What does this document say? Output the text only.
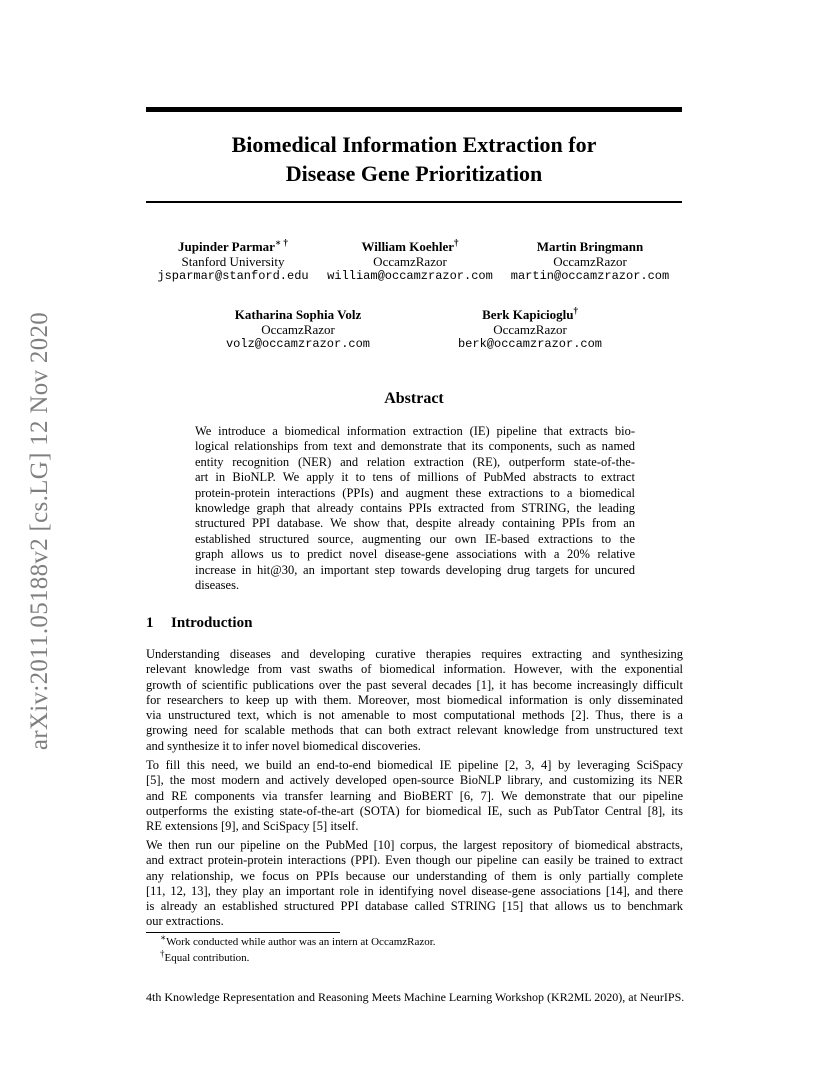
arXiv:2011.05188v2 [cs.LG] 12 Nov 2020
Biomedical Information Extraction for
Disease Gene Prioritization
Jupinder Parmar∗ †
Stanford University
jsparmar@stanford.edu
William Koehler†
OccamzRazor
william@occamzrazor.com
Martin Bringmann
OccamzRazor
martin@occamzrazor.com
Katharina Sophia Volz
OccamzRazor
volz@occamzrazor.com
Berk Kapicioglu†
OccamzRazor
berk@occamzrazor.com
Abstract
We introduce a biomedical information extraction (IE) pipeline that extracts bio-
logical relationships from text and demonstrate that its components, such as named
entity recognition (NER) and relation extraction (RE), outperform state-of-the-
art in BioNLP. We apply it to tens of millions of PubMed abstracts to extract
protein-protein interactions (PPIs) and augment these extractions to a biomedical
knowledge graph that already contains PPIs extracted from STRING, the leading
structured PPI database. We show that, despite already containing PPIs from an
established structured source, augmenting our own IE-based extractions to the
graph allows us to predict novel disease-gene associations with a 20% relative
increase in hit@30, an important step towards developing drug targets for uncured
diseases.
1 Introduction
Understanding diseases and developing curative therapies requires extracting and synthesizing
relevant knowledge from vast swaths of biomedical information. However, with the exponential
growth of scientific publications over the past several decades [1], it has become increasingly difficult
for researchers to keep up with them. Moreover, most biomedical information is only disseminated
via unstructured text, which is not amenable to most computational methods [2]. Thus, there is a
growing need for scalable methods that can both extract relevant knowledge from unstructured text
and synthesize it to infer novel biomedical discoveries.
To fill this need, we build an end-to-end biomedical IE pipeline [2, 3, 4] by leveraging SciSpacy
[5], the most modern and actively developed open-source BioNLP library, and customizing its NER
and RE components via transfer learning and BioBERT [6, 7]. We demonstrate that our pipeline
outperforms the existing state-of-the-art (SOTA) for biomedical IE, such as PubTator Central [8], its
RE extensions [9], and SciSpacy [5] itself.
We then run our pipeline on the PubMed [10] corpus, the largest repository of biomedical abstracts,
and extract protein-protein interactions (PPI). Even though our pipeline can easily be trained to extract
any relationship, we focus on PPIs because our understanding of them is only partially complete
[11, 12, 13], they play an important role in identifying novel disease-gene associations [14], and there
is already an established structured PPI database called STRING [15] that allows us to benchmark
our extractions.
∗Work conducted while author was an intern at OccamzRazor.
†Equal contribution.
4th Knowledge Representation and Reasoning Meets Machine Learning Workshop (KR2ML 2020), at NeurIPS.
